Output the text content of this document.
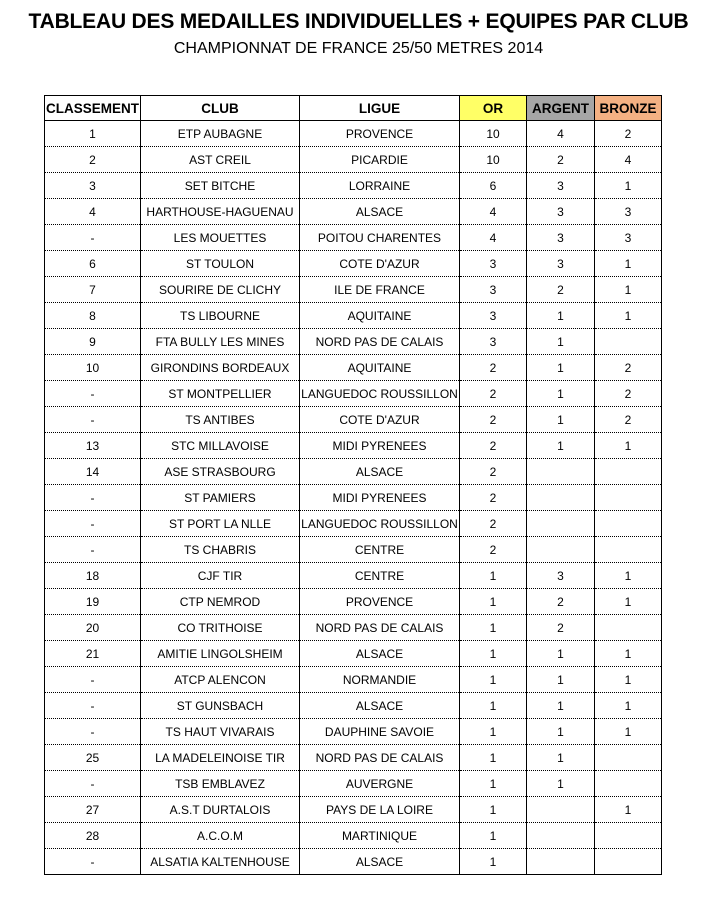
TABLEAU DES MEDAILLES INDIVIDUELLES + EQUIPES PAR CLUB
CHAMPIONNAT DE FRANCE 25/50 METRES 2014
CLASSEMENT	CLUB	LIGUE	OR	ARGENT	BRONZE
1	ETP AUBAGNE	PROVENCE	10	4	2
2	AST CREIL	PICARDIE	10	2	4
3	SET BITCHE	LORRAINE	6	3	1
4	HARTHOUSE-HAGUENAU	ALSACE	4	3	3
-	LES MOUETTES	POITOU CHARENTES	4	3	3
6	ST TOULON	COTE D'AZUR	3	3	1
7	SOURIRE DE CLICHY	ILE DE FRANCE	3	2	1
8	TS LIBOURNE	AQUITAINE	3	1	1
9	FTA BULLY LES MINES	NORD PAS DE CALAIS	3	1	
10	GIRONDINS BORDEAUX	AQUITAINE	2	1	2
-	ST MONTPELLIER	LANGUEDOC ROUSSILLON	2	1	2
-	TS ANTIBES	COTE D'AZUR	2	1	2
13	STC MILLAVOISE	MIDI PYRENEES	2	1	1
14	ASE STRASBOURG	ALSACE	2		
-	ST PAMIERS	MIDI PYRENEES	2		
-	ST PORT LA NLLE	LANGUEDOC ROUSSILLON	2		
-	TS CHABRIS	CENTRE	2		
18	CJF TIR	CENTRE	1	3	1
19	CTP NEMROD	PROVENCE	1	2	1
20	CO TRITHOISE	NORD PAS DE CALAIS	1	2	
21	AMITIE LINGOLSHEIM	ALSACE	1	1	1
-	ATCP ALENCON	NORMANDIE	1	1	1
-	ST GUNSBACH	ALSACE	1	1	1
-	TS HAUT VIVARAIS	DAUPHINE SAVOIE	1	1	1
25	LA MADELEINOISE TIR	NORD PAS DE CALAIS	1	1	
-	TSB EMBLAVEZ	AUVERGNE	1	1	
27	A.S.T DURTALOIS	PAYS DE LA LOIRE	1		1
28	A.C.O.M	MARTINIQUE	1		
-	ALSATIA KALTENHOUSE	ALSACE	1		
